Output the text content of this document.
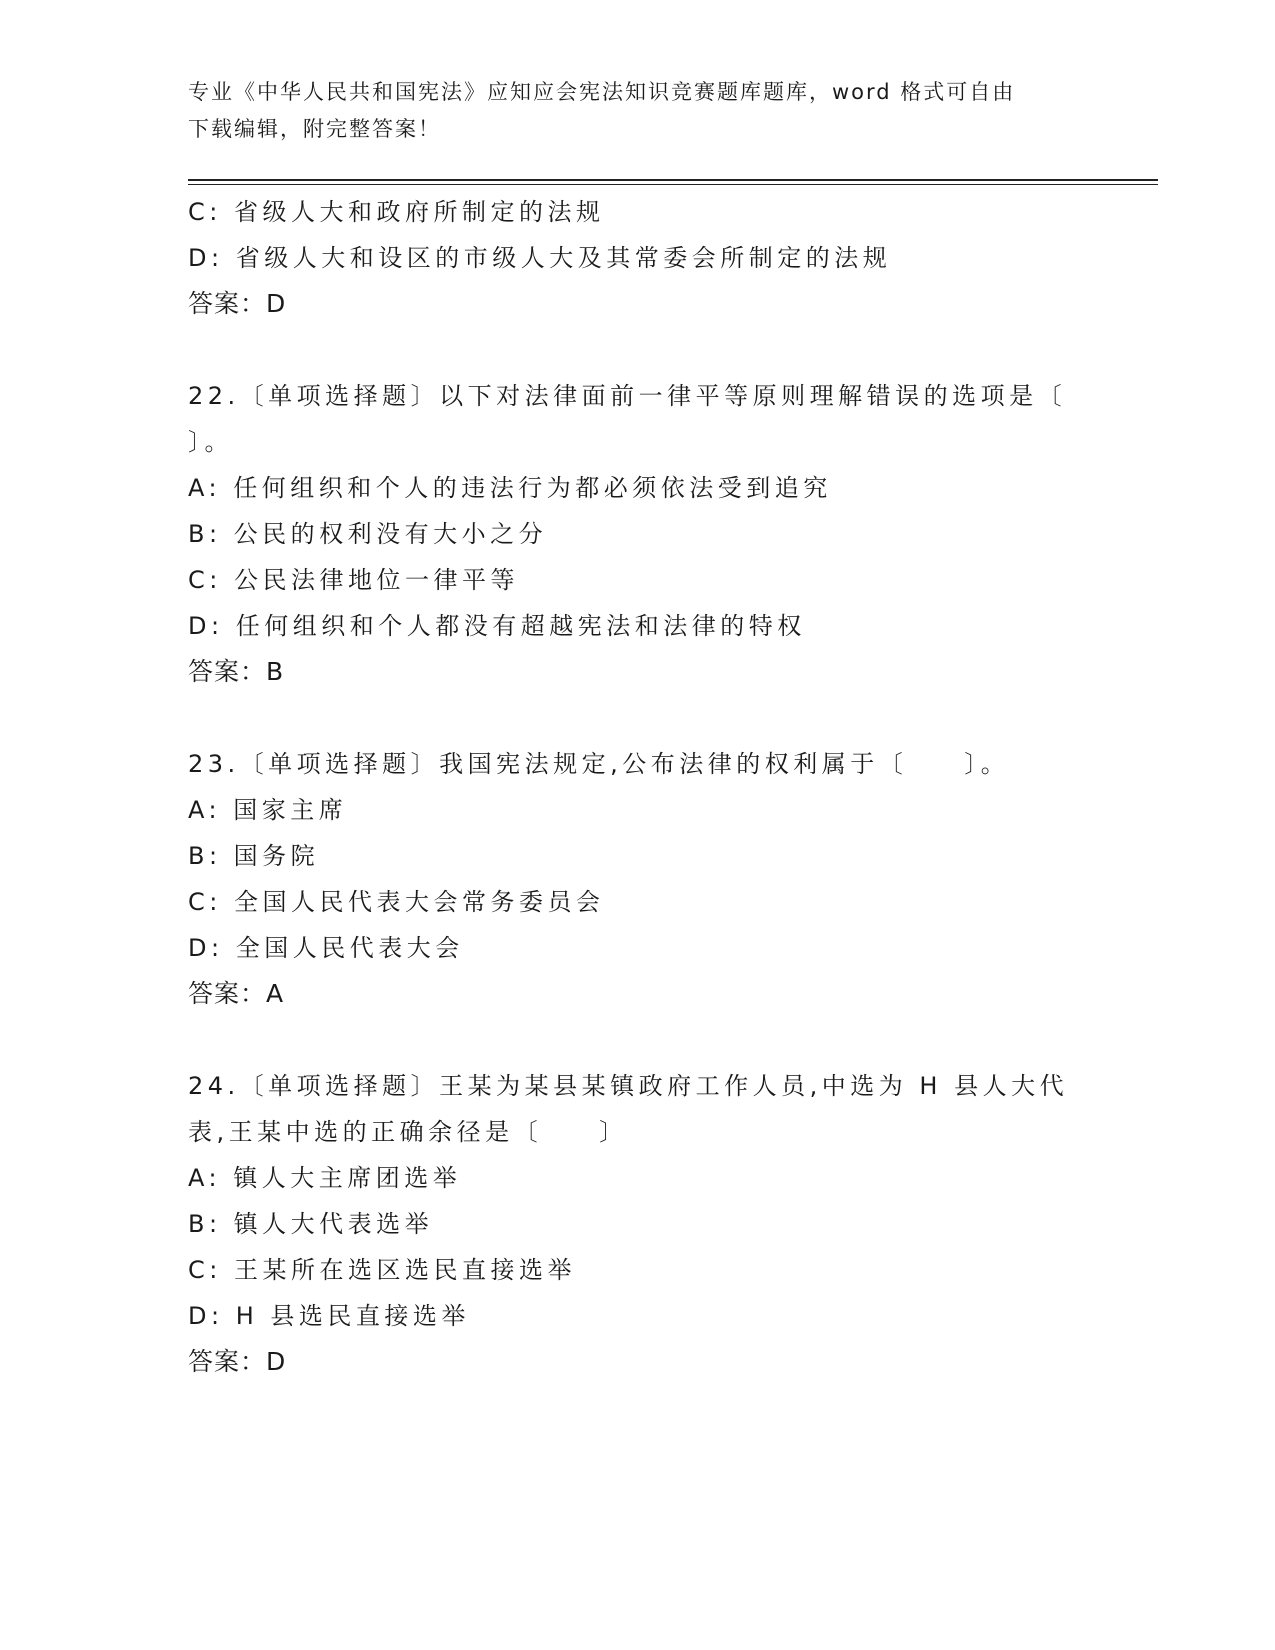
专业《中华人民共和国宪法》应知应会宪法知识竞赛题库题库，word 格式可自由
下载编辑，附完整答案！
C: 省级人大和政府所制定的法规
D: 省级人大和设区的市级人大及其常委会所制定的法规
答案：D
22.〔单项选择题〕以下对法律面前一律平等原则理解错误的选项是〔
〕。
A: 任何组织和个人的违法行为都必须依法受到追究
B: 公民的权利没有大小之分
C: 公民法律地位一律平等
D: 任何组织和个人都没有超越宪法和法律的特权
答案：B
23.〔单项选择题〕我国宪法规定,公布法律的权利属于〔　　〕。
A: 国家主席
B: 国务院
C: 全国人民代表大会常务委员会
D: 全国人民代表大会
答案：A
24.〔单项选择题〕王某为某县某镇政府工作人员,中选为 H 县人大代
表,王某中选的正确余径是〔　　〕
A: 镇人大主席团选举
B: 镇人大代表选举
C: 王某所在选区选民直接选举
D: H 县选民直接选举
答案：D
